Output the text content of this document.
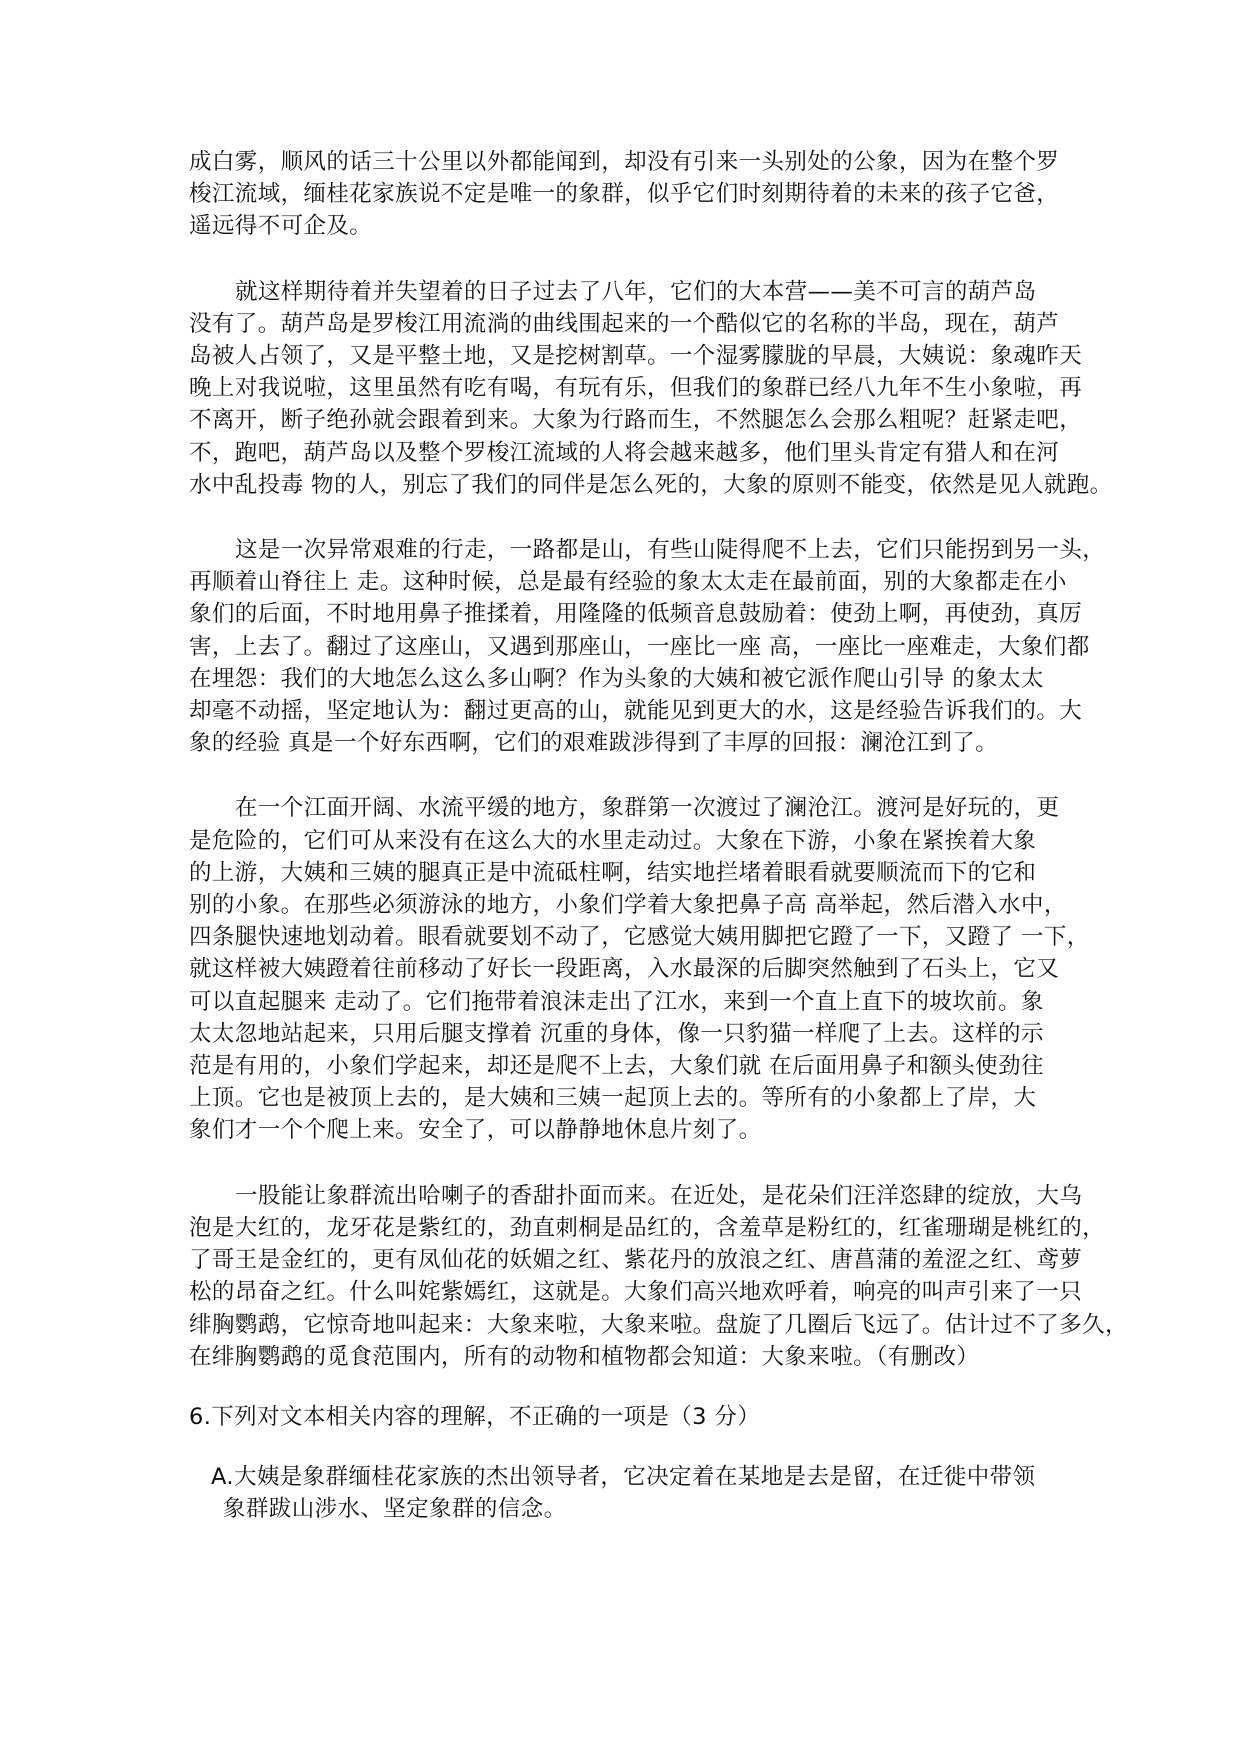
成白雾，顺风的话三十公里以外都能闻到，却没有引来一头别处的公象，因为在整个罗
梭江流域，缅桂花家族说不定是唯一的象群，似乎它们时刻期待着的未来的孩子它爸，
遥远得不可企及。

就这样期待着并失望着的日子过去了八年，它们的大本营——美不可言的葫芦岛
没有了。葫芦岛是罗梭江用流淌的曲线围起来的一个酷似它的名称的半岛，现在，葫芦
岛被人占领了，又是平整土地，又是挖树割草。一个湿雾朦胧的早晨，大姨说：象魂昨天
晚上对我说啦，这里虽然有吃有喝，有玩有乐，但我们的象群已经八九年不生小象啦，再
不离开，断子绝孙就会跟着到来。大象为行路而生，不然腿怎么会那么粗呢？赶紧走吧，
不，跑吧，葫芦岛以及整个罗梭江流域的人将会越来越多，他们里头肯定有猎人和在河
水中乱投毒 物的人，别忘了我们的同伴是怎么死的，大象的原则不能变，依然是见人就跑。

这是一次异常艰难的行走，一路都是山，有些山陡得爬不上去，它们只能拐到另一头，
再顺着山脊往上 走。这种时候，总是最有经验的象太太走在最前面，别的大象都走在小
象们的后面，不时地用鼻子推揉着，用隆隆的低频音息鼓励着：使劲上啊，再使劲，真厉
害，上去了。翻过了这座山，又遇到那座山，一座比一座 高，一座比一座难走，大象们都
在埋怨：我们的大地怎么这么多山啊？作为头象的大姨和被它派作爬山引导 的象太太
却毫不动摇，坚定地认为：翻过更高的山，就能见到更大的水，这是经验告诉我们的。大
象的经验 真是一个好东西啊，它们的艰难跋涉得到了丰厚的回报：澜沧江到了。

在一个江面开阔、水流平缓的地方，象群第一次渡过了澜沧江。渡河是好玩的，更
是危险的，它们可从来没有在这么大的水里走动过。大象在下游，小象在紧挨着大象
的上游，大姨和三姨的腿真正是中流砥柱啊，结实地拦堵着眼看就要顺流而下的它和
别的小象。在那些必须游泳的地方，小象们学着大象把鼻子高 高举起，然后潜入水中，
四条腿快速地划动着。眼看就要划不动了，它感觉大姨用脚把它蹬了一下，又蹬了 一下，
就这样被大姨蹬着往前移动了好长一段距离，入水最深的后脚突然触到了石头上，它又
可以直起腿来 走动了。它们拖带着浪沫走出了江水，来到一个直上直下的坡坎前。象
太太忽地站起来，只用后腿支撑着 沉重的身体，像一只豹猫一样爬了上去。这样的示
范是有用的，小象们学起来，却还是爬不上去，大象们就 在后面用鼻子和额头使劲往
上顶。它也是被顶上去的，是大姨和三姨一起顶上去的。等所有的小象都上了岸，大
象们才一个个爬上来。安全了，可以静静地休息片刻了。

一股能让象群流出哈喇子的香甜扑面而来。在近处，是花朵们汪洋恣肆的绽放，大乌
泡是大红的，龙牙花是紫红的，劲直刺桐是品红的，含羞草是粉红的，红雀珊瑚是桃红的，
了哥王是金红的，更有凤仙花的妖媚之红、紫花丹的放浪之红、唐菖蒲的羞涩之红、鸢萝
松的昂奋之红。什么叫姹紫嫣红，这就是。大象们高兴地欢呼着，响亮的叫声引来了一只
绯胸鹦鹉，它惊奇地叫起来：大象来啦，大象来啦。盘旋了几圈后飞远了。估计过不了多久，
在绯胸鹦鹉的觅食范围内，所有的动物和植物都会知道：大象来啦。（有删改）

6.下列对文本相关内容的理解，不正确的一项是（3 分）

A.大姨是象群缅桂花家族的杰出领导者，它决定着在某地是去是留，在迁徙中带领
象群跋山涉水、坚定象群的信念。
